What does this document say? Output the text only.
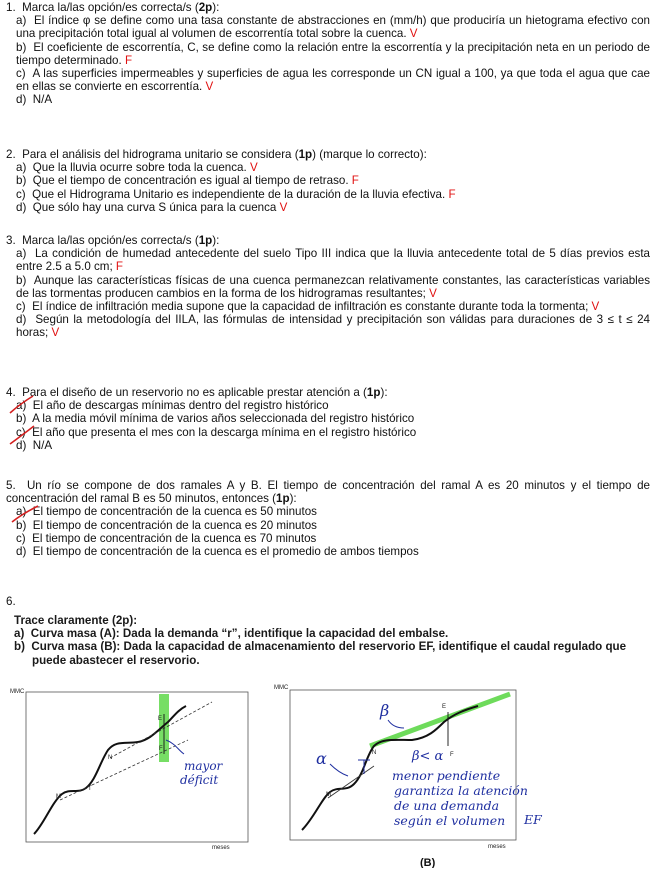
1. Marca la/las opción/es correcta/s (2p):
a)  El índice φ se define como una tasa constante de abstracciones en (mm/h) que produciría un hietograma efectivo con una precipitación total igual al volumen de escorrentía total sobre la cuenca. V
b)  El coeficiente de escorrentía, C, se define como la relación entre la escorrentía y la precipitación neta en un periodo de tiempo determinado. F
c)  A las superficies impermeables y superficies de agua les corresponde un CN igual a 100, ya que toda el agua que cae en ellas se convierte en escorrentía. V
d)  N/A
2. Para el análisis del hidrograma unitario se considera (1p) (marque lo correcto):
a)  Que la lluvia ocurre sobre toda la cuenca. V
b)  Que el tiempo de concentración es igual al tiempo de retraso. F
c)  Que el Hidrograma Unitario es independiente de la duración de la lluvia efectiva. F
d)  Que sólo hay una curva S única para la cuenca V
3. Marca la/las opción/es correcta/s (1p):
a)  La condición de humedad antecedente del suelo Tipo III indica que la lluvia antecedente total de 5 días previos esta entre 2.5 a 5.0 cm; F
b)  Aunque las características físicas de una cuenca permanezcan relativamente constantes, las características variables de las tormentas producen cambios en la forma de los hidrogramas resultantes; V
c)  El índice de infiltración media supone que la capacidad de infiltración es constante durante toda la tormenta; V
d)  Según la metodología del IILA, las fórmulas de intensidad y precipitación son válidas para duraciones de 3 ≤ t ≤ 24 horas; V
4. Para el diseño de un reservorio no es aplicable prestar atención a (1p):
a)  El año de descargas mínimas dentro del registro histórico
b)  A la media móvil mínima de varios años seleccionada del registro histórico
c)  El año que presenta el mes con la descarga mínima en el registro histórico
d)  N/A
5. Un río se compone de dos ramales A y B. El tiempo de concentración del ramal A es 20 minutos y el tiempo de concentración del ramal B es 50 minutos, entonces (1p):
a)  El tiempo de concentración de la cuenca es 50 minutos
b)  El tiempo de concentración de la cuenca es 20 minutos
c)  El tiempo de concentración de la cuenca es 70 minutos
d)  El tiempo de concentración de la cuenca es el promedio de ambos tiempos
6.
Trace claramente (2p):
a)  Curva masa (A): Dada la demanda “r”, identifique la capacidad del embalse.
b)  Curva masa (B): Dada la capacidad de almacenamiento del reservorio EF, identifique el caudal regulado que puede abastecer el reservorio.
MMC
meses
M
T
N
E
F
mayor
déficit
MMC
meses
M
N
E
F
β
α	β< α
menor pendiente
garantiza la atención
de una demanda
según el volumen EF
(B)
